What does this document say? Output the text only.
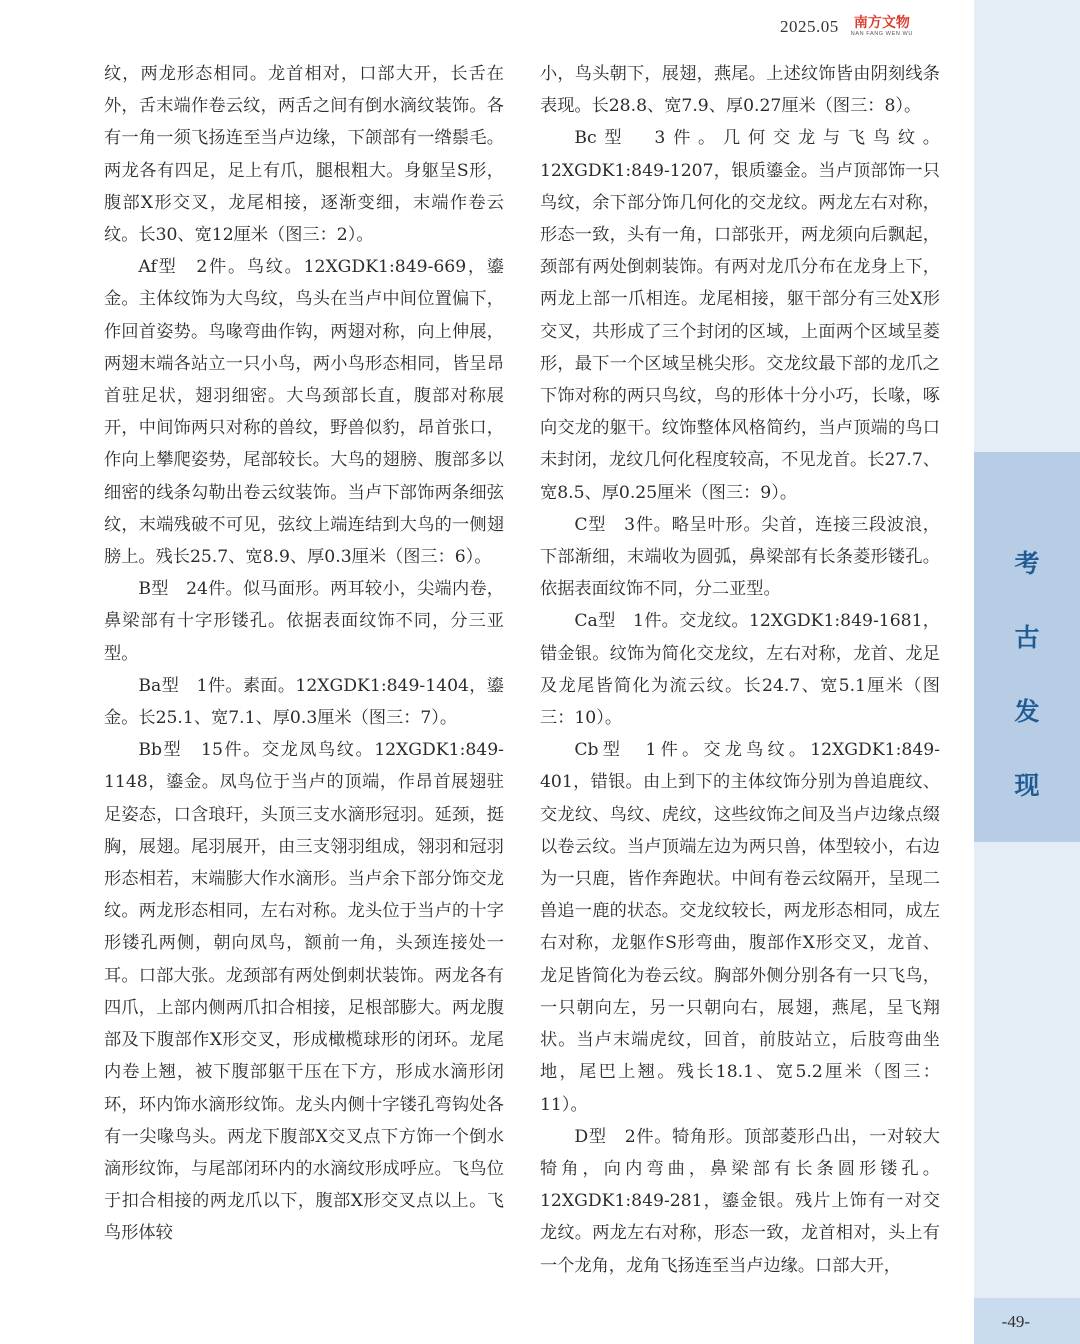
2025.05 南方文物
NAN FANG WEN WU

纹，两龙形态相同。龙首相对，口部大开，长舌在外，舌末端作卷云纹，两舌之间有倒水滴纹装饰。各有一角一须飞扬连至当卢边缘，下颌部有一绺鬃毛。两龙各有四足，足上有爪，腿根粗大。身躯呈S形，腹部X形交叉，龙尾相接，逐渐变细，末端作卷云纹。长30、宽12厘米（图三：2）。

Af型　2件。鸟纹。12XGDK1:849-669，鎏金。主体纹饰为大鸟纹，鸟头在当卢中间位置偏下，作回首姿势。鸟喙弯曲作钩，两翅对称，向上伸展，两翅末端各站立一只小鸟，两小鸟形态相同，皆呈昂首驻足状，翅羽细密。大鸟颈部长直，腹部对称展开，中间饰两只对称的兽纹，野兽似豹，昂首张口，作向上攀爬姿势，尾部较长。大鸟的翅膀、腹部多以细密的线条勾勒出卷云纹装饰。当卢下部饰两条细弦纹，末端残破不可见，弦纹上端连结到大鸟的一侧翅膀上。残长25.7、宽8.9、厚0.3厘米（图三：6）。

B型　24件。似马面形。两耳较小，尖端内卷，鼻梁部有十字形镂孔。依据表面纹饰不同，分三亚型。

Ba型　1件。素面。12XGDK1:849-1404，鎏金。长25.1、宽7.1、厚0.3厘米（图三：7）。

Bb型　15件。交龙凤鸟纹。12XGDK1:849-1148，鎏金。凤鸟位于当卢的顶端，作昂首展翅驻足姿态，口含琅玕，头顶三支水滴形冠羽。延颈，挺胸，展翅。尾羽展开，由三支翎羽组成，翎羽和冠羽形态相若，末端膨大作水滴形。当卢余下部分饰交龙纹。两龙形态相同，左右对称。龙头位于当卢的十字形镂孔两侧，朝向凤鸟，额前一角，头颈连接处一耳。口部大张。龙颈部有两处倒刺状装饰。两龙各有四爪，上部内侧两爪扣合相接，足根部膨大。两龙腹部及下腹部作X形交叉，形成橄榄球形的闭环。龙尾内卷上翘，被下腹部躯干压在下方，形成水滴形闭环，环内饰水滴形纹饰。龙头内侧十字镂孔弯钩处各有一尖喙鸟头。两龙下腹部X交叉点下方饰一个倒水滴形纹饰，与尾部闭环内的水滴纹形成呼应。飞鸟位于扣合相接的两龙爪以下，腹部X形交叉点以上。飞鸟形体较

小，鸟头朝下，展翅，燕尾。上述纹饰皆由阴刻线条表现。长28.8、宽7.9、厚0.27厘米（图三：8）。

Bc型　3件。几何交龙与飞鸟纹。12XGDK1:849-1207，银质鎏金。当卢顶部饰一只鸟纹，余下部分饰几何化的交龙纹。两龙左右对称，形态一致，头有一角，口部张开，两龙须向后飘起，颈部有两处倒刺装饰。有两对龙爪分布在龙身上下，两龙上部一爪相连。龙尾相接，躯干部分有三处X形交叉，共形成了三个封闭的区域，上面两个区域呈菱形，最下一个区域呈桃尖形。交龙纹最下部的龙爪之下饰对称的两只鸟纹，鸟的形体十分小巧，长喙，啄向交龙的躯干。纹饰整体风格简约，当卢顶端的鸟口未封闭，龙纹几何化程度较高，不见龙首。长27.7、宽8.5、厚0.25厘米（图三：9）。

C型　3件。略呈叶形。尖首，连接三段波浪，下部渐细，末端收为圆弧，鼻梁部有长条菱形镂孔。依据表面纹饰不同，分二亚型。

Ca型　1件。交龙纹。12XGDK1:849-1681，错金银。纹饰为简化交龙纹，左右对称，龙首、龙足及龙尾皆简化为流云纹。长24.7、宽5.1厘米（图三：10）。

Cb型　1件。交龙鸟纹。12XGDK1:849-401，错银。由上到下的主体纹饰分别为兽追鹿纹、交龙纹、鸟纹、虎纹，这些纹饰之间及当卢边缘点缀以卷云纹。当卢顶端左边为两只兽，体型较小，右边为一只鹿，皆作奔跑状。中间有卷云纹隔开，呈现二兽追一鹿的状态。交龙纹较长，两龙形态相同，成左右对称，龙躯作S形弯曲，腹部作X形交叉，龙首、龙足皆简化为卷云纹。胸部外侧分别各有一只飞鸟，一只朝向左，另一只朝向右，展翅，燕尾，呈飞翔状。当卢末端虎纹，回首，前肢站立，后肢弯曲坐地，尾巴上翘。残长18.1、宽5.2厘米（图三：11）。

D型　2件。犄角形。顶部菱形凸出，一对较大犄角，向内弯曲，鼻梁部有长条圆形镂孔。12XGDK1:849-281，鎏金银。残片上饰有一对交龙纹。两龙左右对称，形态一致，龙首相对，头上有一个龙角，龙角飞扬连至当卢边缘。口部大开，

考
古
发
现
-49-
